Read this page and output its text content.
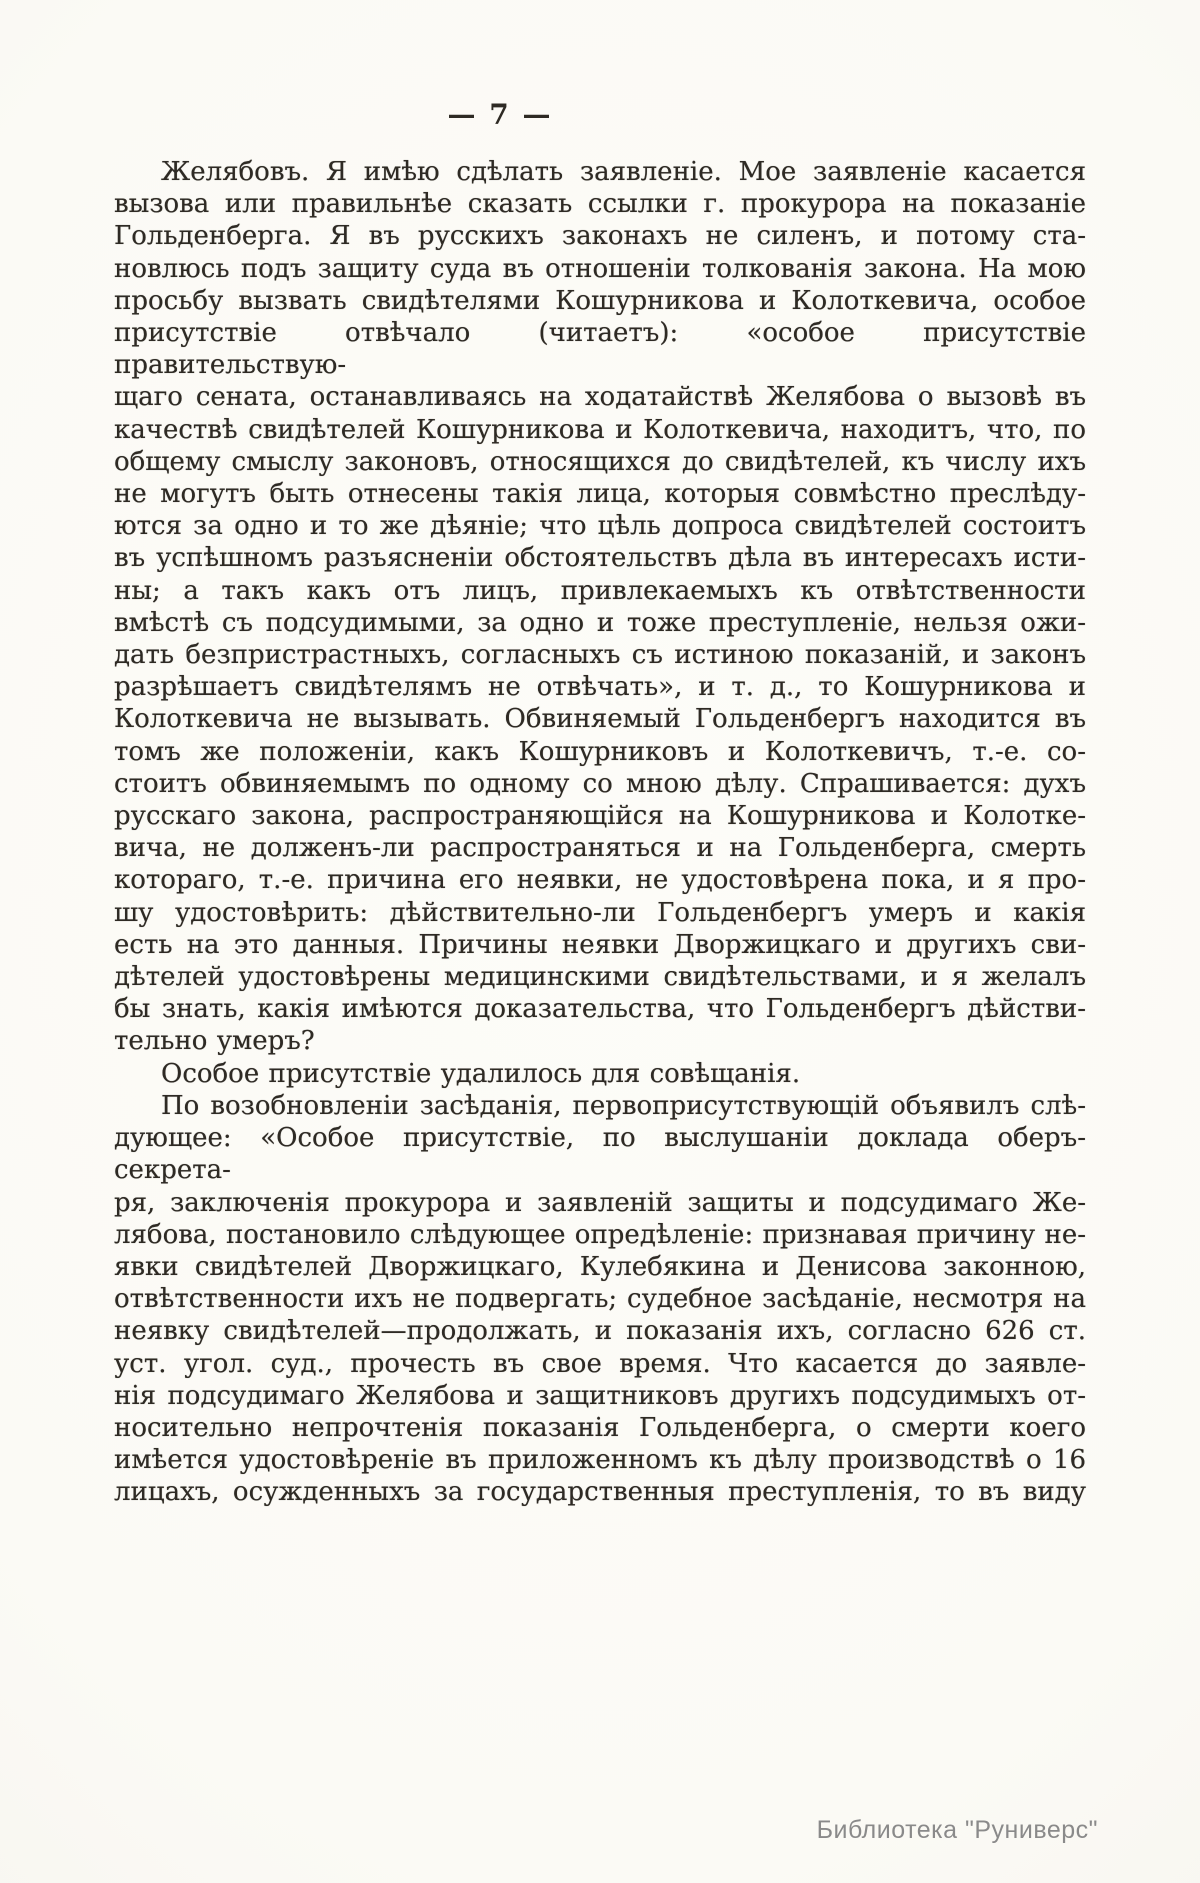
— 7 —
Желябовъ. Я имѣю сдѣлать заявленіе. Мое заявленіе касается
вызова или правильнѣе сказать ссылки г. прокурора на показаніе
Гольденберга. Я въ русскихъ законахъ не силенъ, и потому ста-
новлюсь подъ защиту суда въ отношеніи толкованія закона. На мою
просьбу вызвать свидѣтелями Кошурникова и Колоткевича, особое
присутствіе отвѣчало (читаетъ): «особое присутствіе правительствую-
щаго сената, останавливаясь на ходатайствѣ Желябова о вызовѣ въ
качествѣ свидѣтелей Кошурникова и Колоткевича, находитъ, что, по
общему смыслу законовъ, относящихся до свидѣтелей, къ числу ихъ
не могутъ быть отнесены такія лица, которыя совмѣстно преслѣду-
ются за одно и то же дѣяніе; что цѣль допроса свидѣтелей состоитъ
въ успѣшномъ разъясненіи обстоятельствъ дѣла въ интересахъ исти-
ны; а такъ какъ отъ лицъ, привлекаемыхъ къ отвѣтственности
вмѣстѣ съ подсудимыми, за одно и тоже преступленіе, нельзя ожи-
дать безпристрастныхъ, согласныхъ съ истиною показаній, и законъ
разрѣшаетъ свидѣтелямъ не отвѣчать», и т. д., то Кошурникова и
Колоткевича не вызывать. Обвиняемый Гольденбергъ находится въ
томъ же положеніи, какъ Кошурниковъ и Колоткевичъ, т.-е. со-
стоитъ обвиняемымъ по одному со мною дѣлу. Спрашивается: духъ
русскаго закона, распространяющійся на Кошурникова и Колотке-
вича, не долженъ-ли распространяться и на Гольденберга, смерть
котораго, т.-е. причина его неявки, не удостовѣрена пока, и я про-
шу удостовѣрить: дѣйствительно-ли Гольденбергъ умеръ и какія
есть на это данныя. Причины неявки Дворжицкаго и другихъ сви-
дѣтелей удостовѣрены медицинскими свидѣтельствами, и я желалъ
бы знать, какія имѣются доказательства, что Гольденбергъ дѣйстви-
тельно умеръ?
Особое присутствіе удалилось для совѣщанія.
По возобновленіи засѣданія, первоприсутствующій объявилъ слѣ-
дующее: «Особое присутствіе, по выслушаніи доклада оберъ-секрета-
ря, заключенія прокурора и заявленій защиты и подсудимаго Же-
лябова, постановило слѣдующее опредѣленіе: признавая причину не-
явки свидѣтелей Дворжицкаго, Кулебякина и Денисова законною,
отвѣтственности ихъ не подвергать; судебное засѣданіе, несмотря на
неявку свидѣтелей—продолжать, и показанія ихъ, согласно 626 ст.
уст. угол. суд., прочесть въ свое время. Что касается до заявле-
нія подсудимаго Желябова и защитниковъ другихъ подсудимыхъ от-
носительно непрочтенія показанія Гольденберга, о смерти коего
имѣется удостовѣреніе въ приложенномъ къ дѣлу производствѣ о 16
лицахъ, осужденныхъ за государственныя преступленія, то въ виду
Библиотека "Руниверс"
